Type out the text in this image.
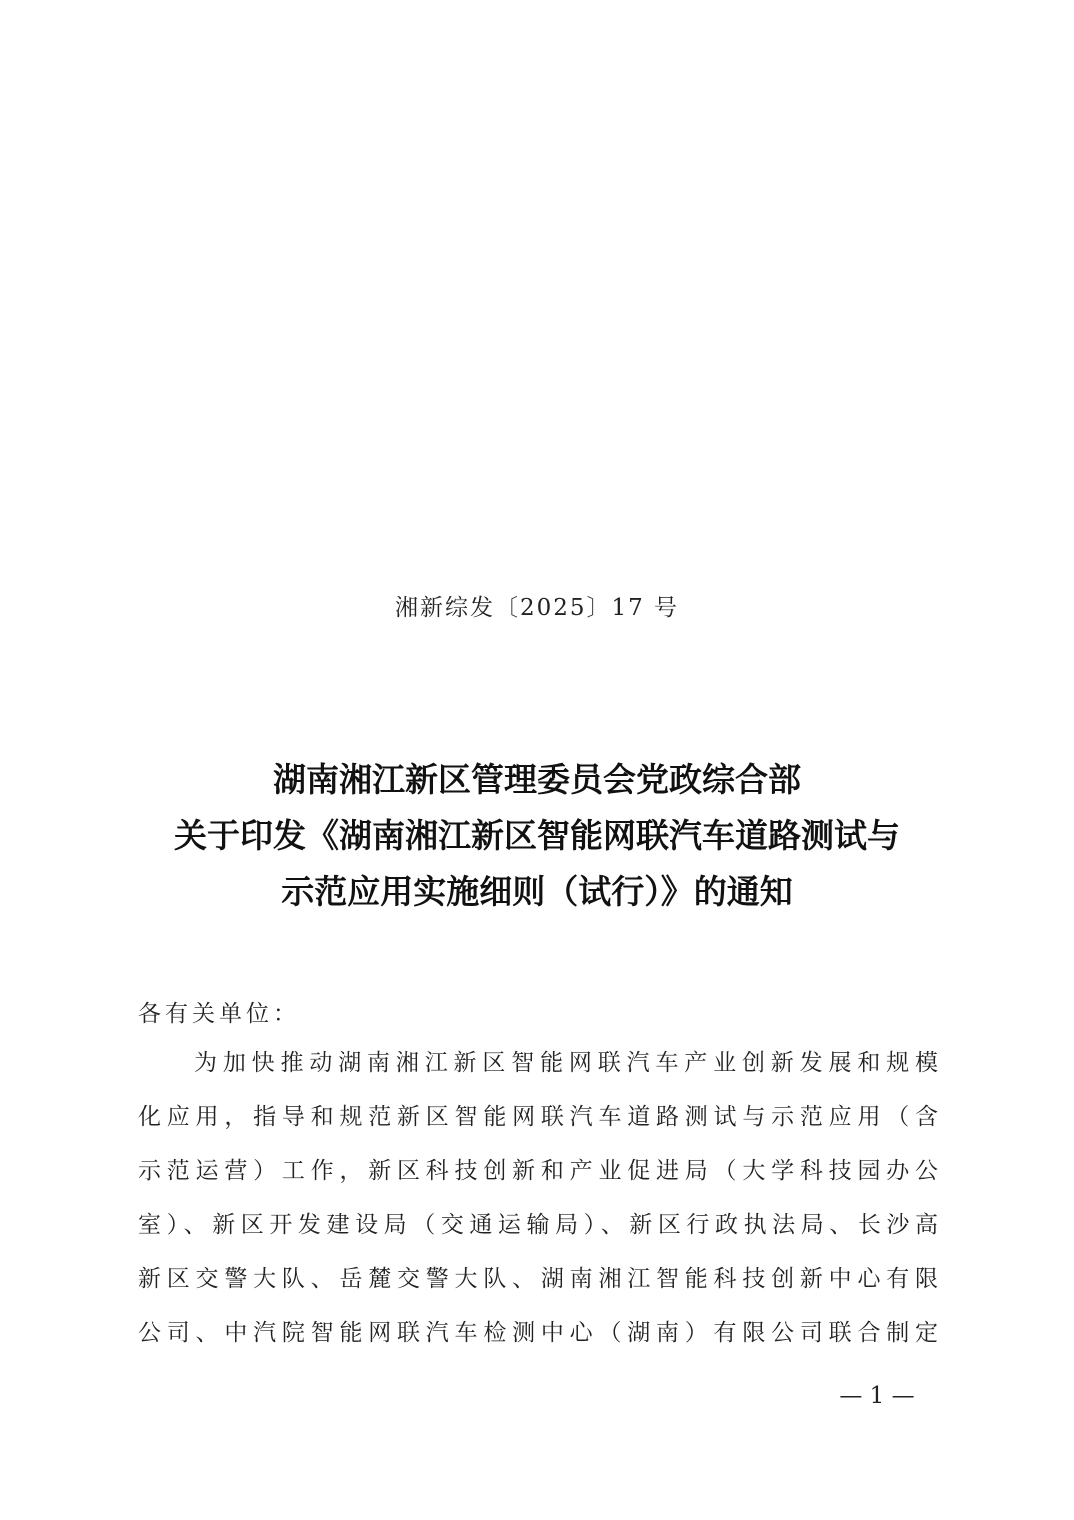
湘新综发〔2025〕17 号
湖南湘江新区管理委员会党政综合部
关于印发《湖南湘江新区智能网联汽车道路测试与
示范应用实施细则（试行）》的通知
各有关单位：
为加快推动湖南湘江新区智能网联汽车产业创新发展和规模
化应用，指导和规范新区智能网联汽车道路测试与示范应用（含
示范运营）工作，新区科技创新和产业促进局（大学科技园办公
室）、新区开发建设局（交通运输局）、新区行政执法局、长沙高
新区交警大队、岳麓交警大队、湖南湘江智能科技创新中心有限
公司、中汽院智能网联汽车检测中心（湖南）有限公司联合制定
— 1 —
